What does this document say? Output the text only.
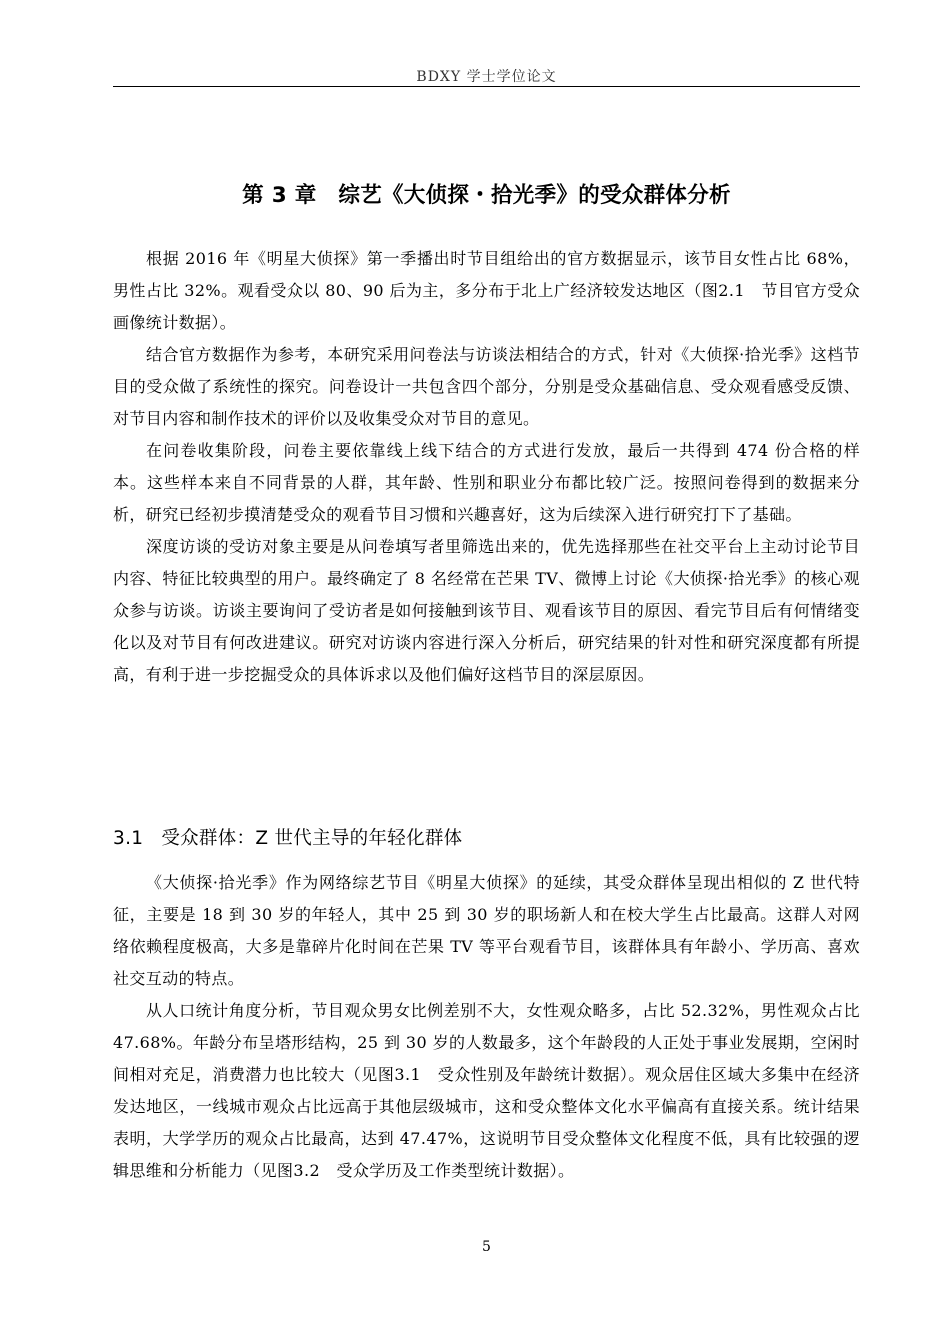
BDXY 学士学位论文
第 3 章　综艺《大侦探・拾光季》的受众群体分析

根据 2016 年《明星大侦探》第一季播出时节目组给出的官方数据显示，该节目女性占比 68%，男性占比 32%。观看受众以 80、90 后为主，多分布于北上广经济较发达地区（图2.1　节目官方受众画像统计数据）。

结合官方数据作为参考，本研究采用问卷法与访谈法相结合的方式，针对《大侦探·拾光季》这档节目的受众做了系统性的探究。问卷设计一共包含四个部分，分别是受众基础信息、受众观看感受反馈、对节目内容和制作技术的评价以及收集受众对节目的意见。

在问卷收集阶段，问卷主要依靠线上线下结合的方式进行发放，最后一共得到 474 份合格的样本。这些样本来自不同背景的人群，其年龄、性别和职业分布都比较广泛。按照问卷得到的数据来分析，研究已经初步摸清楚受众的观看节目习惯和兴趣喜好，这为后续深入进行研究打下了基础。

深度访谈的受访对象主要是从问卷填写者里筛选出来的，优先选择那些在社交平台上主动讨论节目内容、特征比较典型的用户。最终确定了 8 名经常在芒果 TV、微博上讨论《大侦探·拾光季》的核心观众参与访谈。访谈主要询问了受访者是如何接触到该节目、观看该节目的原因、看完节目后有何情绪变化以及对节目有何改进建议。研究对访谈内容进行深入分析后，研究结果的针对性和研究深度都有所提高，有利于进一步挖掘受众的具体诉求以及他们偏好这档节目的深层原因。

3.1 受众群体：Z 世代主导的年轻化群体

《大侦探·拾光季》作为网络综艺节目《明星大侦探》的延续，其受众群体呈现出相似的 Z 世代特征，主要是 18 到 30 岁的年轻人，其中 25 到 30 岁的职场新人和在校大学生占比最高。这群人对网络依赖程度极高，大多是靠碎片化时间在芒果 TV 等平台观看节目，该群体具有年龄小、学历高、喜欢社交互动的特点。

从人口统计角度分析，节目观众男女比例差别不大，女性观众略多，占比 52.32%，男性观众占比 47.68%。年龄分布呈塔形结构，25 到 30 岁的人数最多，这个年龄段的人正处于事业发展期，空闲时间相对充足，消费潜力也比较大（见图3.1　受众性别及年龄统计数据）。观众居住区域大多集中在经济发达地区，一线城市观众占比远高于其他层级城市，这和受众整体文化水平偏高有直接关系。统计结果表明，大学学历的观众占比最高，达到 47.47%，这说明节目受众整体文化程度不低，具有比较强的逻辑思维和分析能力（见图3.2　受众学历及工作类型统计数据）。

5
